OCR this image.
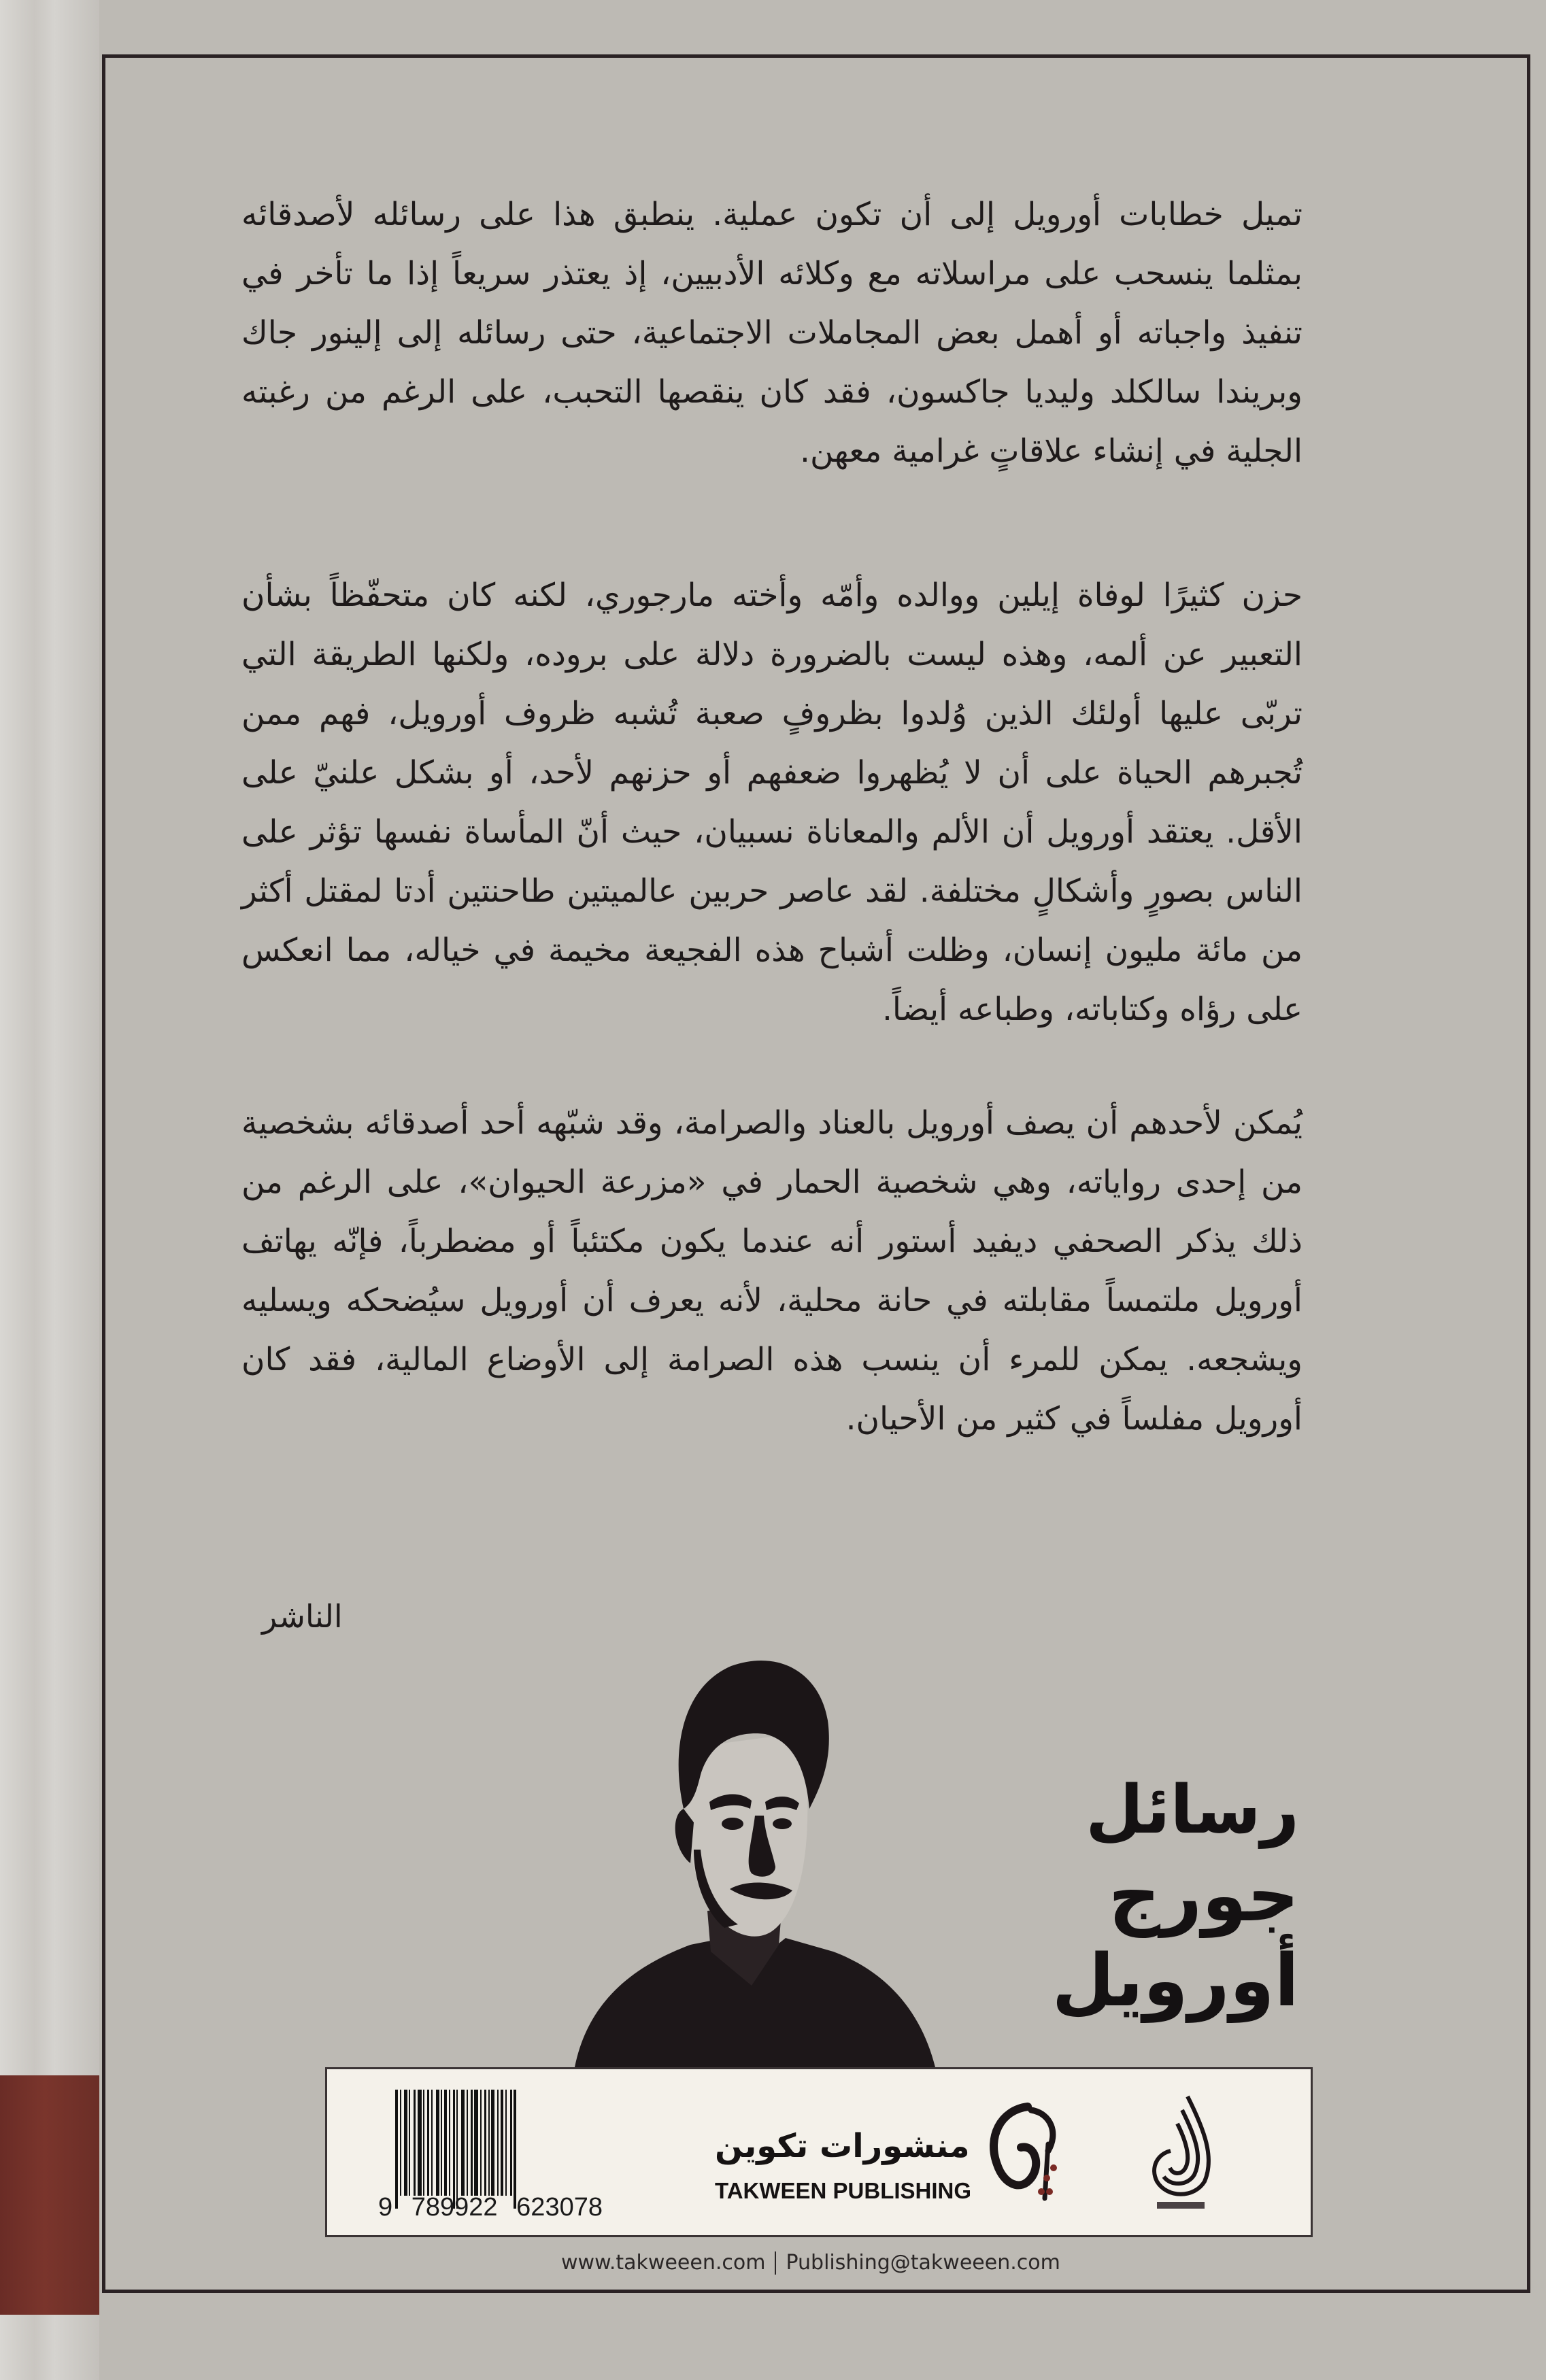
تميل خطابات أورويل إلى أن تكون عملية. ينطبق هذا على رسائله لأصدقائه بمثلما ينسحب على مراسلاته مع وكلائه الأدبيين، إذ يعتذر سريعاً إذا ما تأخر في تنفيذ واجباته أو أهمل بعض المجاملات الاجتماعية، حتى رسائله إلى إلينور جاك وبريندا سالكلد وليديا جاكسون، فقد كان ينقصها التحبب، على الرغم من رغبته الجلية في إنشاء علاقاتٍ غرامية معهن.

حزن كثيرًا لوفاة إيلين ووالده وأمّه وأخته مارجوري، لكنه كان متحفّظاً بشأن التعبير عن ألمه، وهذه ليست بالضرورة دلالة على بروده، ولكنها الطريقة التي تربّى عليها أولئك الذين وُلدوا بظروفٍ صعبة تُشبه ظروف أورويل، فهم ممن تُجبرهم الحياة على أن لا يُظهروا ضعفهم أو حزنهم لأحد، أو بشكل علنيّ على الأقل. يعتقد أورويل أن الألم والمعاناة نسبيان، حيث أنّ المأساة نفسها تؤثر على الناس بصورٍ وأشكالٍ مختلفة. لقد عاصر حربين عالميتين طاحنتين أدتا لمقتل أكثر من مائة مليون إنسان، وظلت أشباح هذه الفجيعة مخيمة في خياله، مما انعكس على رؤاه وكتاباته، وطباعه أيضاً.

يُمكن لأحدهم أن يصف أورويل بالعناد والصرامة، وقد شبّهه أحد أصدقائه بشخصية من إحدى رواياته، وهي شخصية الحمار في «مزرعة الحيوان»، على الرغم من ذلك يذكر الصحفي ديفيد أستور أنه عندما يكون مكتئباً أو مضطرباً، فإنّه يهاتف أورويل ملتمساً مقابلته في حانة محلية، لأنه يعرف أن أورويل سيُضحكه ويسليه ويشجعه. يمكن للمرء أن ينسب هذه الصرامة إلى الأوضاع المالية، فقد كان أورويل مفلساً في كثير من الأحيان.

الناشر
رسائل
جورج أورويل
9 789922 623078
منشورات تكوين
TAKWEEN PUBLISHING
www.takweeen.com Publishing@takweeen.com
